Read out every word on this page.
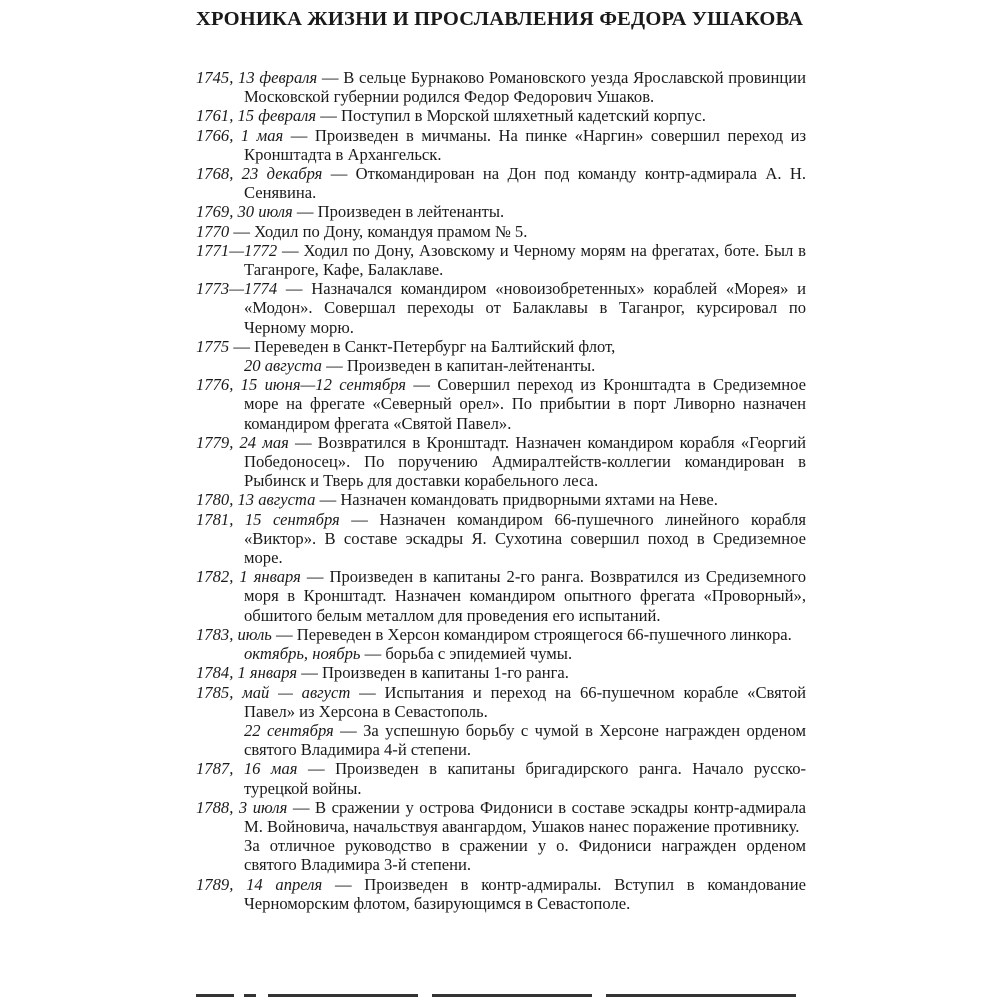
ХРОНИКА ЖИЗНИ И ПРОСЛАВЛЕНИЯ ФЕДОРА УШАКОВА

1745, 13 февраля — В сельце Бурнаково Романовского уезда Ярославской провинции Московской губернии родился Федор Федорович Ушаков.

1761, 15 февраля — Поступил в Морской шляхетный кадетский корпус.

1766, 1 мая — Произведен в мичманы. На пинке «Наргин» совершил переход из Кронштадта в Архангельск.

1768, 23 декабря — Откомандирован на Дон под команду контр-адмирала А. Н. Сенявина.

1769, 30 июля — Произведен в лейтенанты.

1770 — Ходил по Дону, командуя прамом № 5.

1771—1772 — Ходил по Дону, Азовскому и Черному морям на фрегатах, боте. Был в Таганроге, Кафе, Балаклаве.

1773—1774 — Назначался командиром «новоизобретенных» кораблей «Морея» и «Модон». Совершал переходы от Балаклавы в Таганрог, курсировал по Черному морю.

1775 — Переведен в Санкт-Петербург на Балтийский флот,

20 августа — Произведен в капитан-лейтенанты.

1776, 15 июня—12 сентября — Совершил переход из Кронштадта в Средиземное море на фрегате «Северный орел». По прибытии в порт Ливорно назначен командиром фрегата «Святой Павел».

1779, 24 мая — Возвратился в Кронштадт. Назначен командиром корабля «Георгий Победоносец». По поручению Адмиралтейств-коллегии командирован в Рыбинск и Тверь для доставки корабельного леса.

1780, 13 августа — Назначен командовать придворными яхтами на Неве.

1781, 15 сентября — Назначен командиром 66-пушечного линейного корабля «Виктор». В составе эскадры Я. Сухотина совершил поход в Средиземное море.

1782, 1 января — Произведен в капитаны 2-го ранга. Возвратился из Средиземного моря в Кронштадт. Назначен командиром опытного фрегата «Проворный», обшитого белым металлом для проведения его испытаний.

1783, июль — Переведен в Херсон командиром строящегося 66-пушечного линкора.

октябрь, ноябрь — борьба с эпидемией чумы.

1784, 1 января — Произведен в капитаны 1-го ранга.

1785, май — август — Испытания и переход на 66-пушечном корабле «Святой Павел» из Херсона в Севастополь.

22 сентября — За успешную борьбу с чумой в Херсоне награжден орденом святого Владимира 4-й степени.

1787, 16 мая — Произведен в капитаны бригадирского ранга. Начало русско-турецкой войны.

1788, 3 июля — В сражении у острова Фидониси в составе эскадры контр-адмирала М. Войновича, начальствуя авангардом, Ушаков нанес поражение противнику.

За отличное руководство в сражении у о. Фидониси награжден орденом святого Владимира 3-й степени.

1789, 14 апреля — Произведен в контр-адмиралы. Вступил в командование Черноморским флотом, базирующимся в Севастополе.
